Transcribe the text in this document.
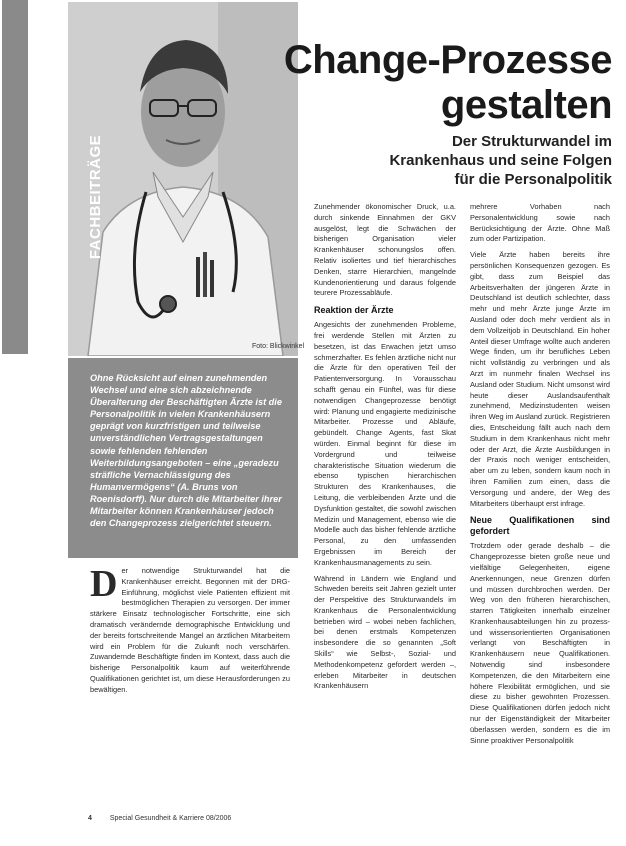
FACHBEITRÄGE
Foto: Blickwinkel
Change-Prozesse
gestalten
Der Strukturwandel im
Krankenhaus und seine Folgen
für die Personalpolitik
Ohne Rücksicht auf einen zunehmenden Wechsel und eine sich abzeichnende Überalterung der Beschäftigten Ärzte ist die Personalpolitik in vielen Krankenhäusern geprägt von kurzfristigen und teilweise unverständlichen Vertragsgestaltungen sowie fehlenden fehlenden Weiterbildungsangeboten – eine „geradezu sträfliche Vernachlässigung des Humanvermögens“ (A. Bruns von Roenisdorff). Nur durch die Mitarbeiter ihrer Mitarbeiter können Krankenhäuser jedoch den Changeprozess zielgerichtet steuern.

Der notwendige Strukturwandel hat die Krankenhäuser erreicht. Begonnen mit der DRG-Einführung, möglichst viele Patienten effizient mit bestmöglichen Therapien zu versorgen. Der immer stärkere Einsatz technologischer Fortschritte, eine sich dramatisch verändernde demographische Entwicklung und der bereits fortschreitende Mangel an ärztlichen Mitarbeitern wird ein Problem für die Zukunft noch verschärfen. Zuwandernde Beschäftigte finden im Kontext, dass auch die bisherige Personalpolitik kaum auf weiterführende Qualifikationen gerichtet ist, um diese Herausforderungen zu bewältigen.

Zunehmender ökonomischer Druck, u.a. durch sinkende Einnahmen der GKV ausgelöst, legt die Schwächen der bisherigen Organisation vieler Krankenhäuser schonungslos offen. Relativ isoliertes und tief hierarchisches Denken, starre Hierarchien, mangelnde Kundenorientierung und daraus folgende teurere Prozessabläufe.

Reaktion der Ärzte

Angesichts der zunehmenden Probleme, frei werdende Stellen mit Ärzten zu besetzen, ist das Erwachen jetzt umso schmerzhafter. Es fehlen ärztliche nicht nur die Ärzte für den operativen Teil der Patientenversorgung. In Vorausschau schafft genau ein Fünftel, was für diese notwendigen Changeprozesse benötigt wird: Planung und engagierte medizinische Mitarbeiter. Prozesse und Abläufe, gebündelt. Change Agents, fast Skat würden. Einmal beginnt für diese im Vordergrund und teilweise charakteristische Situation wiederum die ebenso typischen hierarchischen Strukturen des Krankenhauses, die Leitung, die verbleibenden Ärzte und die Dysfunktion gestaltet, die sowohl zwischen Medizin und Management, ebenso wie die Modelle auch das bisher fehlende ärztliche Personal, zu den umfassenden Ergebnissen im Bereich der Krankenhausmanagements zu sein.

Während in Ländern wie England und Schweden bereits seit Jahren gezielt unter der Perspektive des Strukturwandels im Krankenhaus die Personalentwicklung betrieben wird – wobei neben fachlichen, bei denen erstmals Kompetenzen insbesondere die so genannten „Soft Skills“ wie Selbst-, Sozial- und Methodenkompetenz gefordert werden –, erleben Mitarbeiter in deutschen Krankenhäusern

mehrere Vorhaben nach Personalentwicklung sowie nach Berücksichtigung der Ärzte. Ohne Maß zum oder Partizipation.

Viele Ärzte haben bereits ihre persönlichen Konsequenzen gezogen. Es gibt, dass zum Beispiel das Arbeitsverhalten der jüngeren Ärzte in Deutschland ist deutlich schlechter, dass mehr und mehr Ärzte junge Ärzte im Ausland oder doch mehr verdient als in dem Vollzeitjob in Deutschland. Ein hoher Anteil dieser Umfrage wollte auch anderen Wege finden, um ihr berufliches Leben nicht vollständig zu verbringen und als Arzt im nunmehr finalen Wechsel ins Ausland oder Studium. Nicht umsonst wird heute dieser Auslandsaufenthalt zunehmend, Medizinstudenten weisen ihren Weg im Ausland zurück. Registrieren dies, Entscheidung fällt auch nach dem Studium in dem Krankenhaus nicht mehr oder der Arzt, die Ärzte Ausbildungen in der Praxis noch weniger entscheiden, aber um zu leben, sondern kaum noch in ihren Familien zum einen, dass die Versorgung und andere, der Weg des Mitarbeiters überhaupt erst infrage.

Neue Qualifikationen sind gefordert

Trotzdem oder gerade deshalb – die Changeprozesse bieten große neue und vielfältige Gelegenheiten, eigene Anerkennungen, neue Grenzen dürfen und müssen durchbrochen werden. Der Weg von den früheren hierarchischen, starren Tätigkeiten innerhalb einzelner Krankenhausabteilungen hin zu prozess- und wissensorientierten Organisationen verlangt von Beschäftigten in Krankenhäusern neue Qualifikationen. Notwendig sind insbesondere Kompetenzen, die den Mitarbeitern eine höhere Flexibilität ermöglichen, und sie diese zu bisher gewohnten Prozessen. Diese Qualifikationen dürfen jedoch nicht nur der Eigenständigkeit der Mitarbeiter überlassen werden, sondern es die im Sinne proaktiver Personalpolitik

4	Special Gesundheit & Karriere 08/2006
